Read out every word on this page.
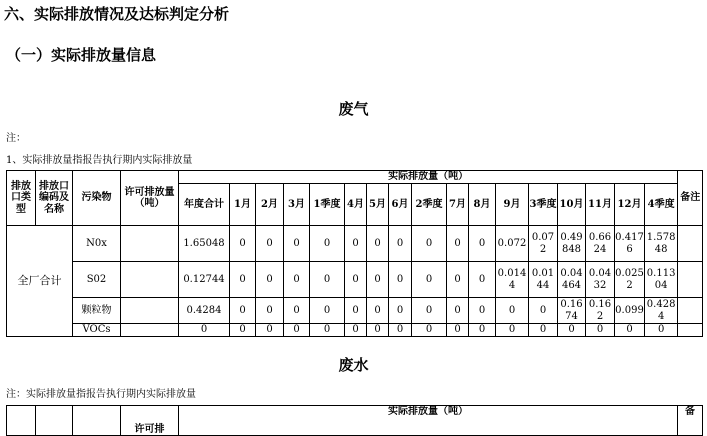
六、实际排放情况及达标判定分析
（一）实际排放量信息
废气
注：
1、实际排放量指报告执行期内实际排放量
排放口类型	排放口编码及名称	污染物	许可排放量（吨）	实际排放量（吨）																	备注
				年度合计	1月	2月	3月	1季度	4月	5月	6月	2季度	7月	8月	9月	3季度	10月	11月	12月	4季度	
全厂合计		N0x		1.65048	0	0	0	0	0	0	0	0	0	0	0.072	0.072	0.49848	0.6624	0.4176	1.57848	
		S02		0.12744	0	0	0	0	0	0	0	0	0	0	0.0144	0.0144	0.04464	0.0432	0.0252	0.11304	
		颗粒物		0.4284	0	0	0	0	0	0	0	0	0	0	0	0	0.1674	0.162	0.099	0.4284	
		VOCs		0	0	0	0	0	0	0	0	0	0	0	0	0	0	0	0	0	
废水
注：实际排放量指报告执行期内实际排放量
			许可排	实际排放量（吨）	备
